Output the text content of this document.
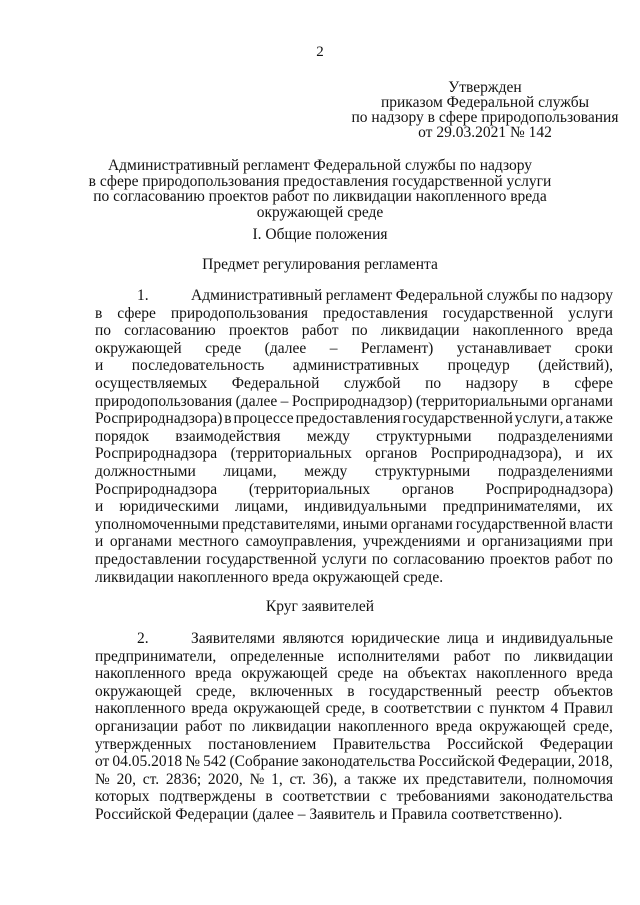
2
Утвержден
приказом Федеральной службы
по надзору в сфере природопользования
от 29.03.2021 № 142
Административный регламент Федеральной службы по надзору
в сфере природопользования предоставления государственной услуги
по согласованию проектов работ по ликвидации накопленного вреда
окружающей среде
I. Общие положения
Предмет регулирования регламента
1.	Административный регламент Федеральной службы по надзору
в сфере природопользования предоставления государственной услуги
по согласованию проектов работ по ликвидации накопленного вреда
окружающей среде (далее – Регламент) устанавливает сроки
и последовательность административных процедур (действий),
осуществляемых Федеральной службой по надзору в сфере
природопользования (далее – Росприроднадзор) (территориальными органами
Росприроднадзора) в процессе предоставления государственной услуги, а также
порядок взаимодействия между структурными подразделениями
Росприроднадзора (территориальных органов Росприроднадзора), и их
должностными лицами, между структурными подразделениями
Росприроднадзора (территориальных органов Росприроднадзора)
и юридическими лицами, индивидуальными предпринимателями, их
уполномоченными представителями, иными органами государственной власти
и органами местного самоуправления, учреждениями и организациями при
предоставлении государственной услуги по согласованию проектов работ по
ликвидации накопленного вреда окружающей среде.
Круг заявителей
2.	Заявителями являются юридические лица и индивидуальные
предприниматели, определенные исполнителями работ по ликвидации
накопленного вреда окружающей среде на объектах накопленного вреда
окружающей среде, включенных в государственный реестр объектов
накопленного вреда окружающей среде, в соответствии с пунктом 4 Правил
организации работ по ликвидации накопленного вреда окружающей среде,
утвержденных постановлением Правительства Российской Федерации
от 04.05.2018 № 542 (Собрание законодательства Российской Федерации, 2018,
№ 20, ст. 2836; 2020, № 1, ст. 36), а также их представители, полномочия
которых подтверждены в соответствии с требованиями законодательства
Российской Федерации (далее – Заявитель и Правила соответственно).
